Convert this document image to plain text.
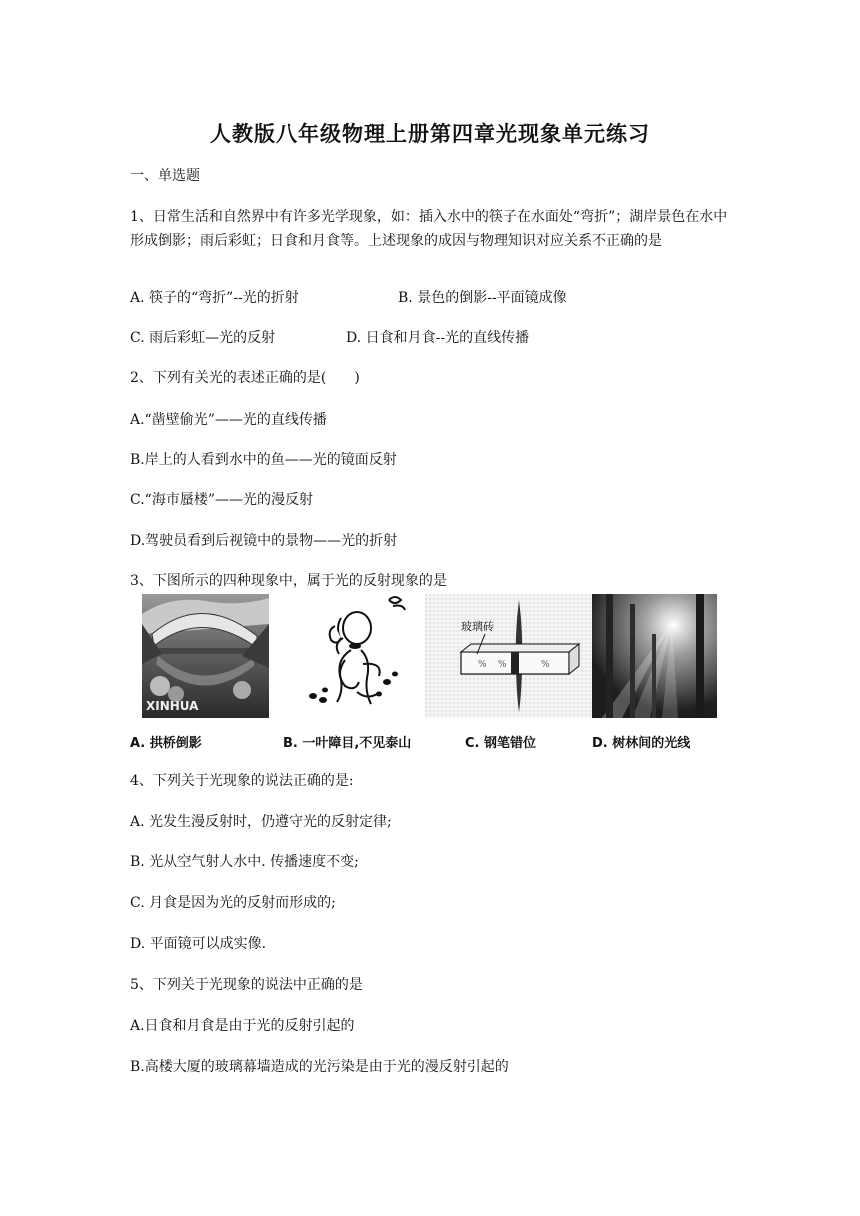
人教版八年级物理上册第四章光现象单元练习
一、单选题
1、日常生活和自然界中有许多光学现象，如：插入水中的筷子在水面处“弯折”；湖岸景色在水中形成倒影；雨后彩虹；日食和月食等。上述现象的成因与物理知识对应关系不正确的是
A. 筷子的“弯折”--光的折射	B. 景色的倒影--平面镜成像
C. 雨后彩虹—光的反射	D. 日食和月食--光的直线传播
2、下列有关光的表述正确的是(　　)
A.“凿壁偷光”——光的直线传播
B.岸上的人看到水中的鱼——光的镜面反射
C.“海市蜃楼”——光的漫反射
D.驾驶员看到后视镜中的景物——光的折射
3、下图所示的四种现象中，属于光的反射现象的是
XINHUA
% %	%
玻璃砖
A. 拱桥倒影	B. 一叶障目,不见泰山	C. 钢笔错位	D. 树林间的光线
4、下列关于光现象的说法正确的是:
A. 光发生漫反射时，仍遵守光的反射定律;
B. 光从空气射人水中. 传播速度不变;
C. 月食是因为光的反射而形成的;
D. 平面镜可以成实像.
5、下列关于光现象的说法中正确的是
A.日食和月食是由于光的反射引起的
B.高楼大厦的玻璃幕墙造成的光污染是由于光的漫反射引起的
